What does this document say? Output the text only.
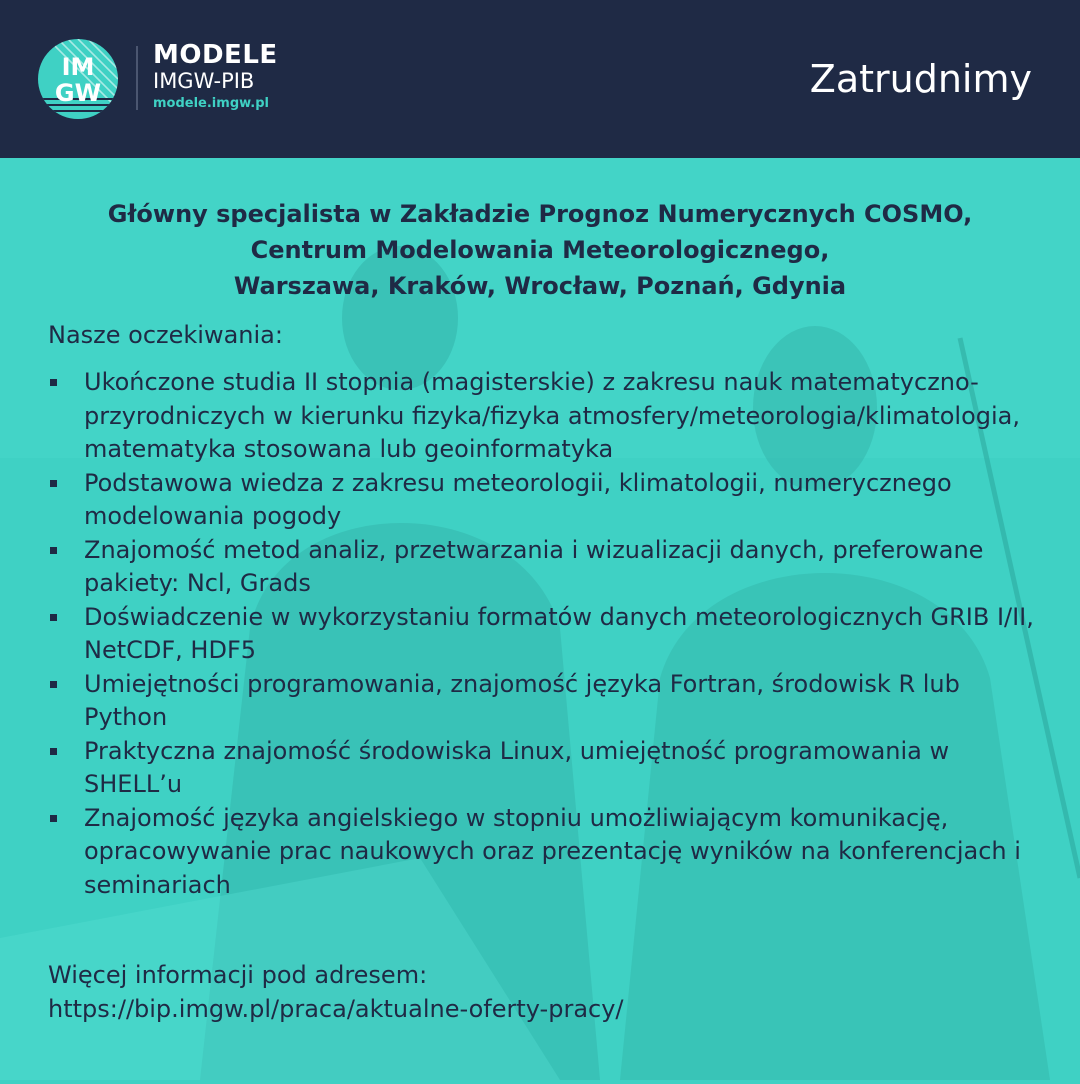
IM
GW
MODELE
IMGW-PIB
modele.imgw.pl
Zatrudnimy
Główny specjalista w Zakładzie Prognoz Numerycznych COSMO,
Centrum Modelowania Meteorologicznego,
Warszawa, Kraków, Wrocław, Poznań, Gdynia
Nasze oczekiwania:
Ukończone studia II stopnia (magisterskie) z zakresu nauk matematyczno-przyrodniczych w kierunku fizyka/fizyka atmosfery/meteorologia/klimatologia, matematyka stosowana lub geoinformatyka
Podstawowa wiedza z zakresu meteorologii, klimatologii, numerycznego modelowania pogody
Znajomość metod analiz, przetwarzania i wizualizacji danych, preferowane pakiety: Ncl, Grads
Doświadczenie w wykorzystaniu formatów danych meteorologicznych GRIB I/II, NetCDF, HDF5
Umiejętności programowania, znajomość języka Fortran, środowisk R lub Python
Praktyczna znajomość środowiska Linux, umiejętność programowania w SHELL’u
Znajomość języka angielskiego w stopniu umożliwiającym komunikację, opracowywanie prac naukowych oraz prezentację wyników na konferencjach i seminariach
Więcej informacji pod adresem:
https://bip.imgw.pl/praca/aktualne-oferty-pracy/
